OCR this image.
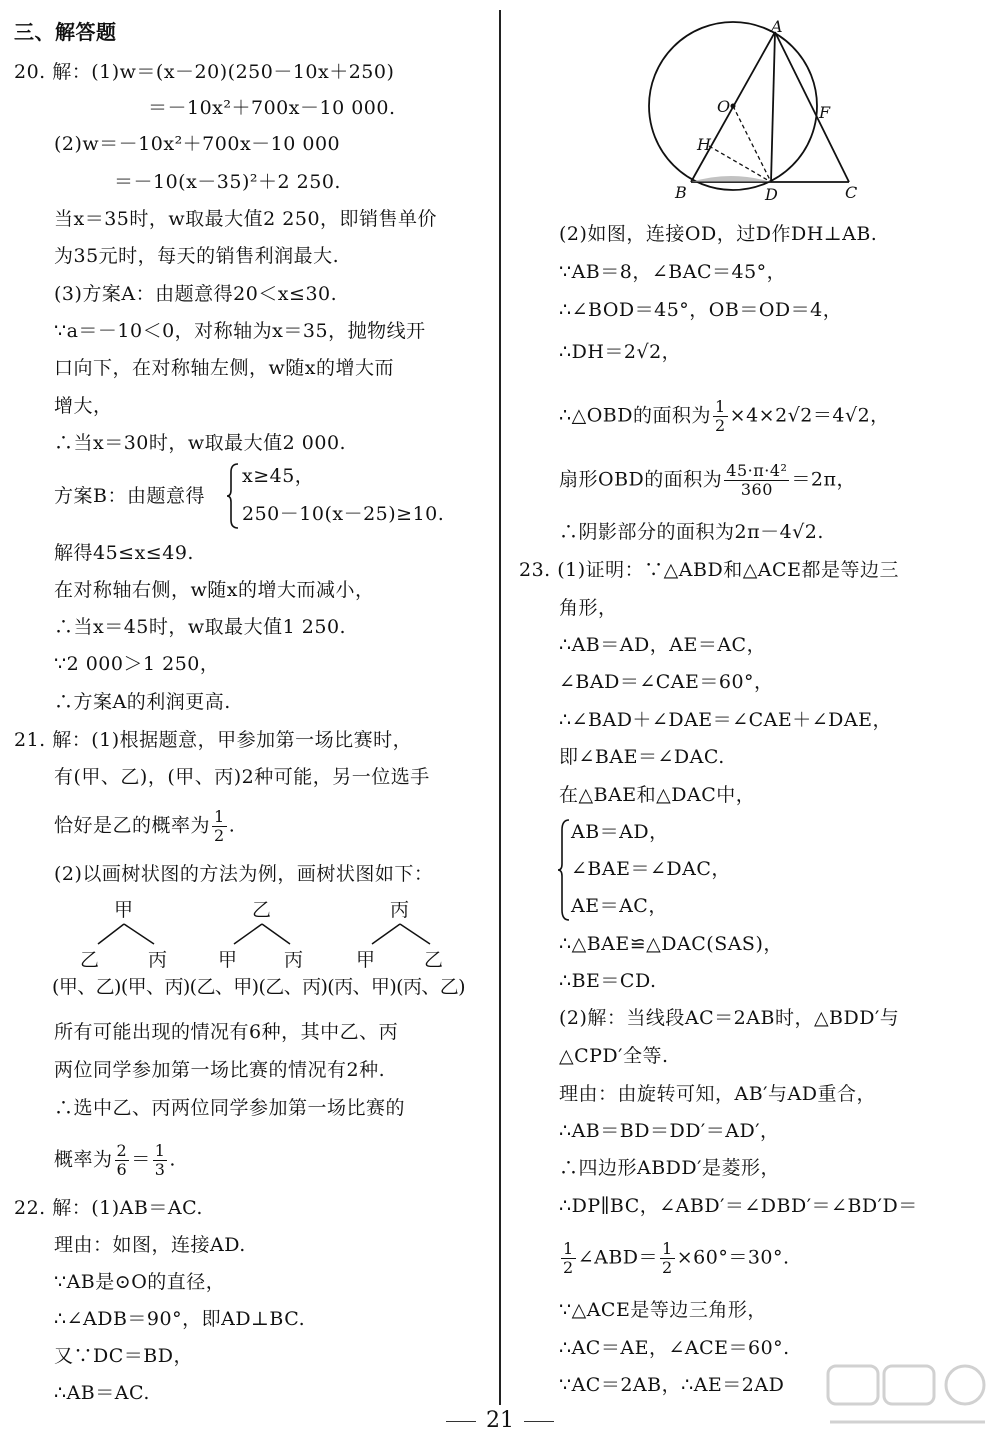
三、解答题
20. 解：(1)w＝(x－20)(250－10x＋250)
＝－10x²＋700x－10 000.
(2)w＝－10x²＋700x－10 000
＝－10(x－35)²＋2 250.
当x＝35时，w取最大值2 250，即销售单价
为35元时，每天的销售利润最大.
(3)方案A：由题意得20＜x≤30.
∵a＝－10＜0，对称轴为x＝35，抛物线开
口向下，在对称轴左侧，w随x的增大而
增大，
∴当x＝30时，w取最大值2 000.
方案B：由题意得
x≥45，
250－10(x－25)≥10.
解得45≤x≤49.
在对称轴右侧，w随x的增大而减小，
∴当x＝45时，w取最大值1 250.
∵2 000＞1 250，
∴方案A的利润更高.
21. 解：(1)根据题意，甲参加第一场比赛时，
有(甲、乙)，(甲、丙)2种可能，另一位选手
恰好是乙的概率为 $\frac{1}{2}$ .
(2)以画树状图的方法为例，画树状图如下：
甲	乙	丙
乙	丙	甲 丙	甲	乙
(甲、乙)(甲、丙)(乙、甲)(乙、丙)(丙、甲)(丙、乙)
所有可能出现的情况有6种，其中乙、丙
两位同学参加第一场比赛的情况有2种.
∴选中乙、丙两位同学参加第一场比赛的
概率为 $\frac{2}{6} = \frac{1}{3}$ .
22. 解：(1)AB＝AC.
理由：如图，连接AD.
∵AB是⊙O的直径，
∴∠ADB＝90°，即AD⊥BC.
又∵DC＝BD，
∴AB＝AC.
A
O	F
H
B	D	C
(2)如图，连接OD，过D作DH⊥AB.
∵AB＝8，∠BAC＝45°，
∴∠BOD＝45°，OB＝OD＝4，
∴DH＝2√2，
∴△OBD的面积为 $\frac{1}{2} \times 4\times 2√2=4√2$，
扇形OBD的面积为 $\frac{\text{45·π·4²}}{360} =2\pi$，
∴阴影部分的面积为2π－4√2.
23. (1)证明：∵△ABD和△ACE都是等边三
角形，
∴AB＝AD，AE＝AC，
∠BAD＝∠CAE＝60°，
∴∠BAD＋∠DAE＝∠CAE＋∠DAE，
即∠BAE＝∠DAC.
在△BAE和△DAC中，
AB＝AD，
∠BAE＝∠DAC，
AE＝AC，
∴△BAE≌△DAC(SAS)，
∴BE＝CD.
(2)解：当线段AC＝2AB时，△BDD′与
△CPD′全等.
理由：由旋转可知，AB′与AD重合，
∴AB＝BD＝DD′＝AD′，
∴四边形ABDD′是菱形，
∴DP∥BC，∠ABD′＝∠DBD′＝∠BD′D＝
$\frac{1}{2}$ ∠ABD＝ $\frac{1}{2} \times 60^\circ=30^\circ$.
∵△ACE是等边三角形，
∴AC＝AE，∠ACE＝60°.
∵AC＝2AB，∴AE＝2AD
21
